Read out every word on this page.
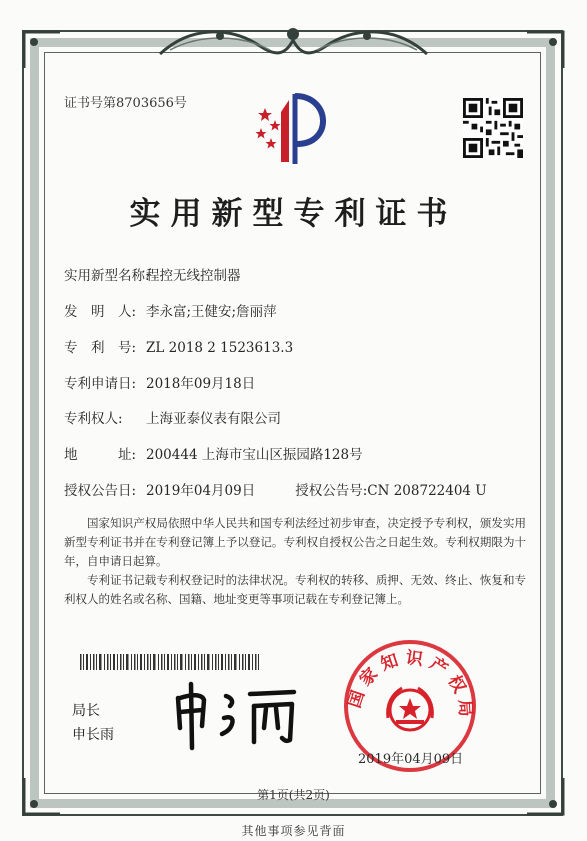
证书号第8703656号
实用新型专利证书
实用新型名称:程控无线控制器
发　明　人: 李永富;王健安;詹丽萍
专　利　号: ZL 2018 2 1523613.3
专利申请日: 2018年09月18日
专利权人: 上海亚泰仪表有限公司
地　　　址: 200444 上海市宝山区振园路128号
授权公告日: 2019年04月09日	授权公告号:CN 208722404 U
国家知识产权局依照中华人民共和国专利法经过初步审查，决定授予专利权，颁发实用新型专利证书并在专利登记簿上予以登记。专利权自授权公告之日起生效。专利权期限为十年，自申请日起算。
专利证书记载专利权登记时的法律状况。专利权的转移、质押、无效、终止、恢复和专利权人的姓名或名称、国籍、地址变更等事项记载在专利登记簿上。
局长
申长雨
国家知识产权局
2019年04月09日
第1页(共2页)
其他事项参见背面
